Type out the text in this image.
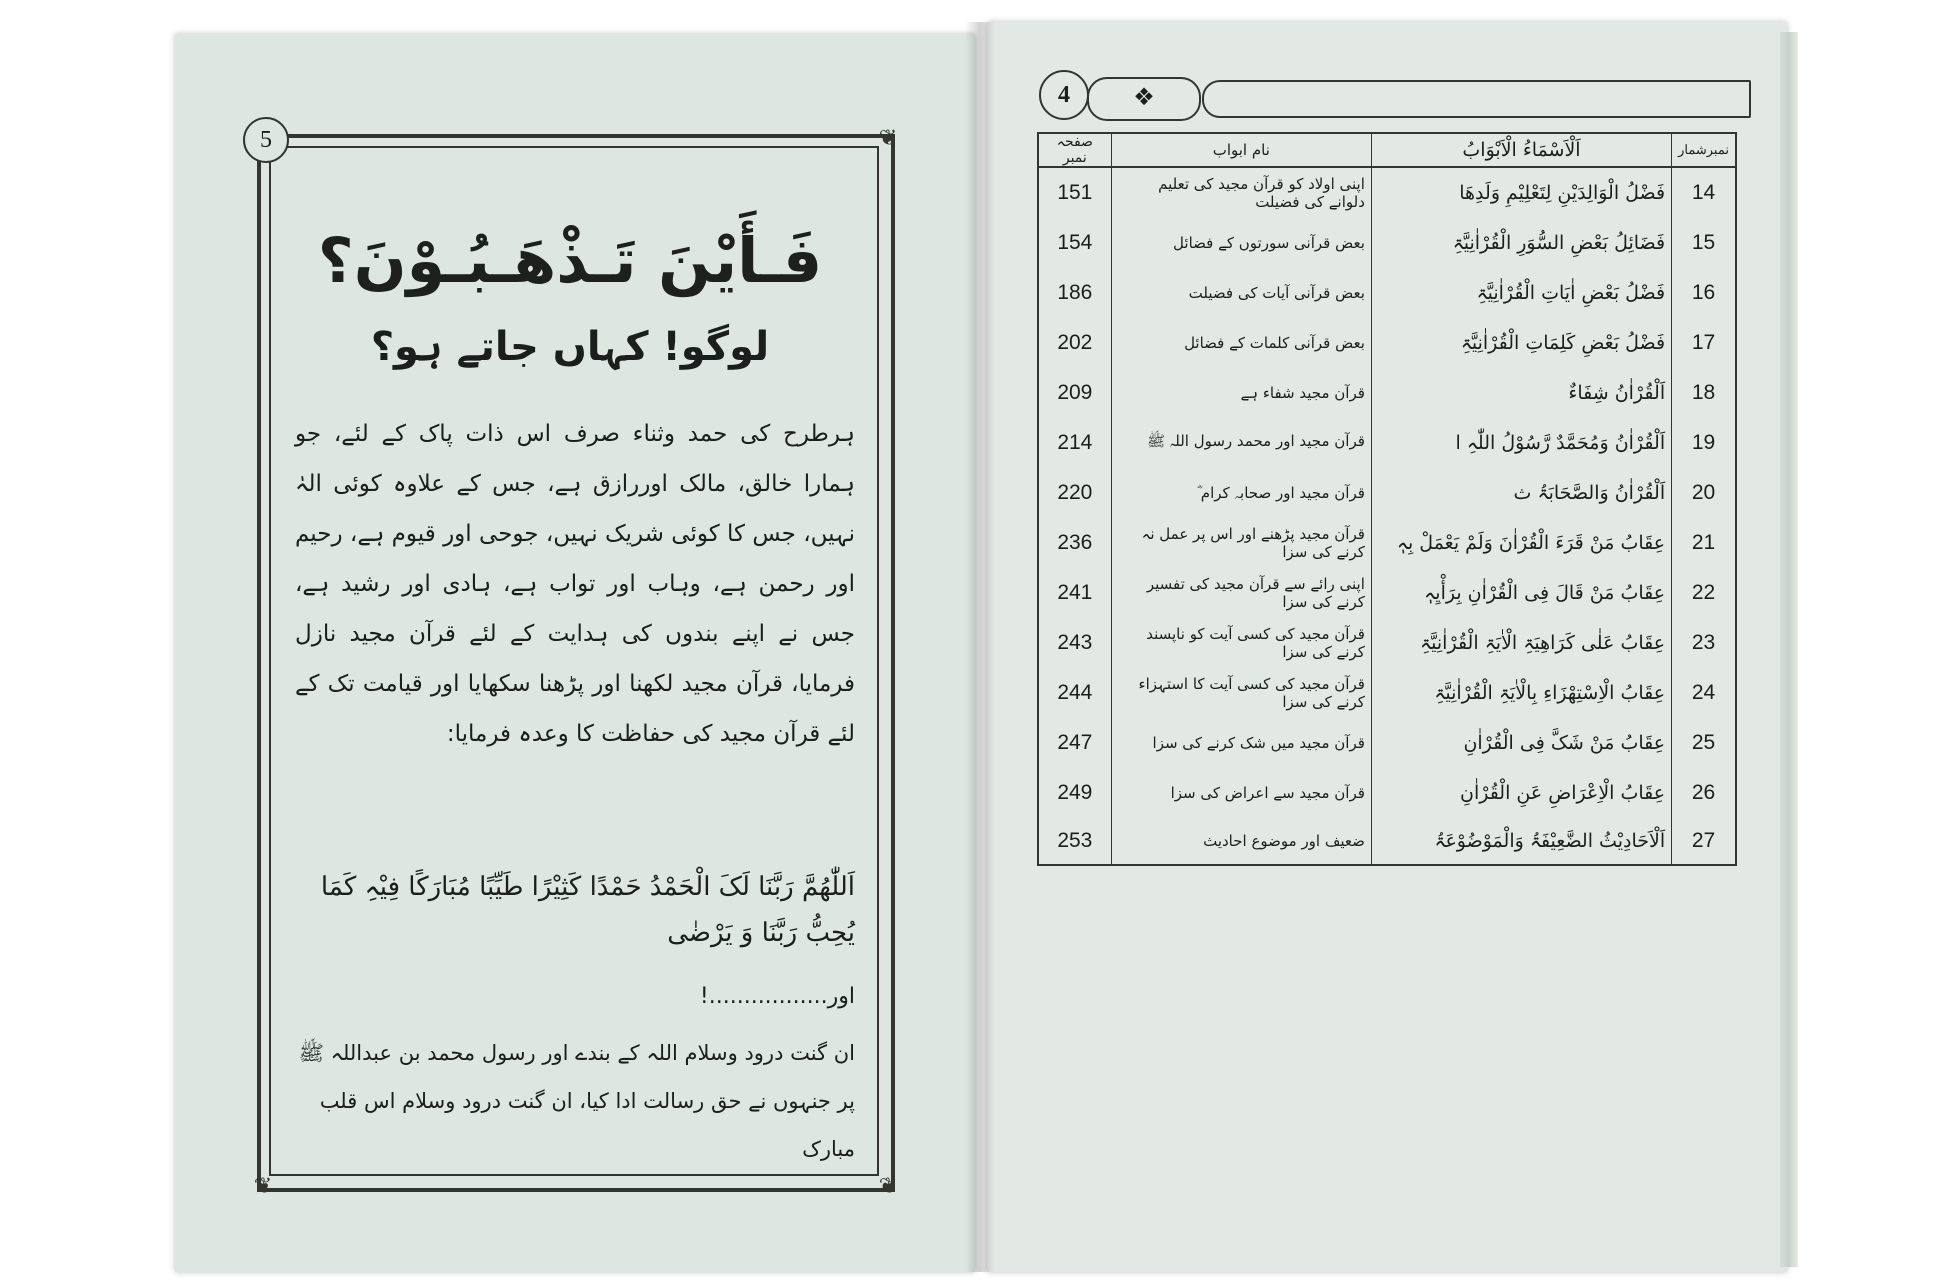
❦	❦
❦
5
فَـأَيْنَ تَـذْهَـبُـوْنَ؟
لوگو! کہاں جاتے ہو؟
ہرطرح کی حمد وثناء صرف اس ذات پاک کے لئے، جو ہمارا خالق، مالک اوررازق ہے، جس کے علاوہ کوئی الہٰ نہیں، جس کا کوئی شریک نہیں، جوحی اور قیوم ہے، رحیم اور رحمن ہے، وہاب اور تواب ہے، ہادی اور رشید ہے، جس نے اپنے بندوں کی ہدایت کے لئے قرآن مجید نازل فرمایا، قرآن مجید لکھنا اور پڑھنا سکھایا اور قیامت تک کے لئے قرآن مجید کی حفاظت کا وعدہ فرمایا:
اَللّٰھُمَّ رَبَّنَا لَکَ الْحَمْدُ حَمْدًا کَثِیْرًا طَیِّبًا مُبَارَکًا فِیْہِ کَمَا یُحِبُّ رَبَّنَا وَ یَرْضٰی
اور.................!
ان گنت درود وسلام اللہ کے بندے اور رسول محمد بن عبداللہ ﷺ پر جنہوں نے حق رسالت ادا کیا، ان گنت درود وسلام اس قلب مبارک
4
❖
نمبرشمار	اَلْاَسْمَاءُ الْاَبْوَابُ	نام ابواب	صفحہ نمبر
14	فَضْلُ الْوَالِدَیْنِ لِتَعْلِیْمِ وَلَدِھَا	اپنی اولاد کو قرآن مجید کی تعلیم دلوانے کی فضیلت	151
15	فَضَائِلُ بَعْضِ السُّوَرِ الْقُرْاٰنِیَّۃِ	بعض قرآنی سورتوں کے فضائل	154
16	فَضْلُ بَعْضِ اٰیَاتِ الْقُرْاٰنِیَّۃِ	بعض قرآنی آیات کی فضیلت	186
17	فَضْلُ بَعْضِ کَلِمَاتِ الْقُرْاٰنِیَّۃِ	بعض قرآنی کلمات کے فضائل	202
18	اَلْقُرْاٰنُ شِفَاءٌ	قرآن مجید شفاء ہے	209
19	اَلْقُرْاٰنُ وَمُحَمَّدٌ رَّسُوْلُ اللّٰہِ ا	قرآن مجید اور محمد رسول اللہ ﷺ	214
20	اَلْقُرْاٰنُ وَالصَّحَابَۃُ ث	قرآن مجید اور صحابہ کرام ؓ	220
21	عِقَابُ مَنْ قَرَءَ الْقُرْاٰنَ وَلَمْ یَعْمَلْ بِہٖ	قرآن مجید پڑھنے اور اس پر عمل نہ کرنے کی سزا	236
22	عِقَابُ مَنْ قَالَ فِی الْقُرْاٰنِ بِرَأْیِہٖ	اپنی رائے سے قرآن مجید کی تفسیر کرنے کی سزا	241
23	عِقَابُ عَلٰی کَرَاھِیَۃِ الْاٰیَۃِ الْقُرْاٰنِیَّۃِ	قرآن مجید کی کسی آیت کو ناپسند کرنے کی سزا	243
24	عِقَابُ الْاِسْتِھْزَاءِ بِالْاٰیَۃِ الْقُرْاٰنِیَّۃِ	قرآن مجید کی کسی آیت کا استہزاء کرنے کی سزا	244
25	عِقَابُ مَنْ شَکَّ فِی الْقُرْاٰنِ	قرآن مجید میں شک کرنے کی سزا	247
26	عِقَابُ الْاِعْرَاضِ عَنِ الْقُرْاٰنِ	قرآن مجید سے اعراض کی سزا	249
27	اَلْاَحَادِیْثُ الضَّعِیْفَۃُ وَالْمَوْضُوْعَۃُ	ضعیف اور موضوع احادیث	253
